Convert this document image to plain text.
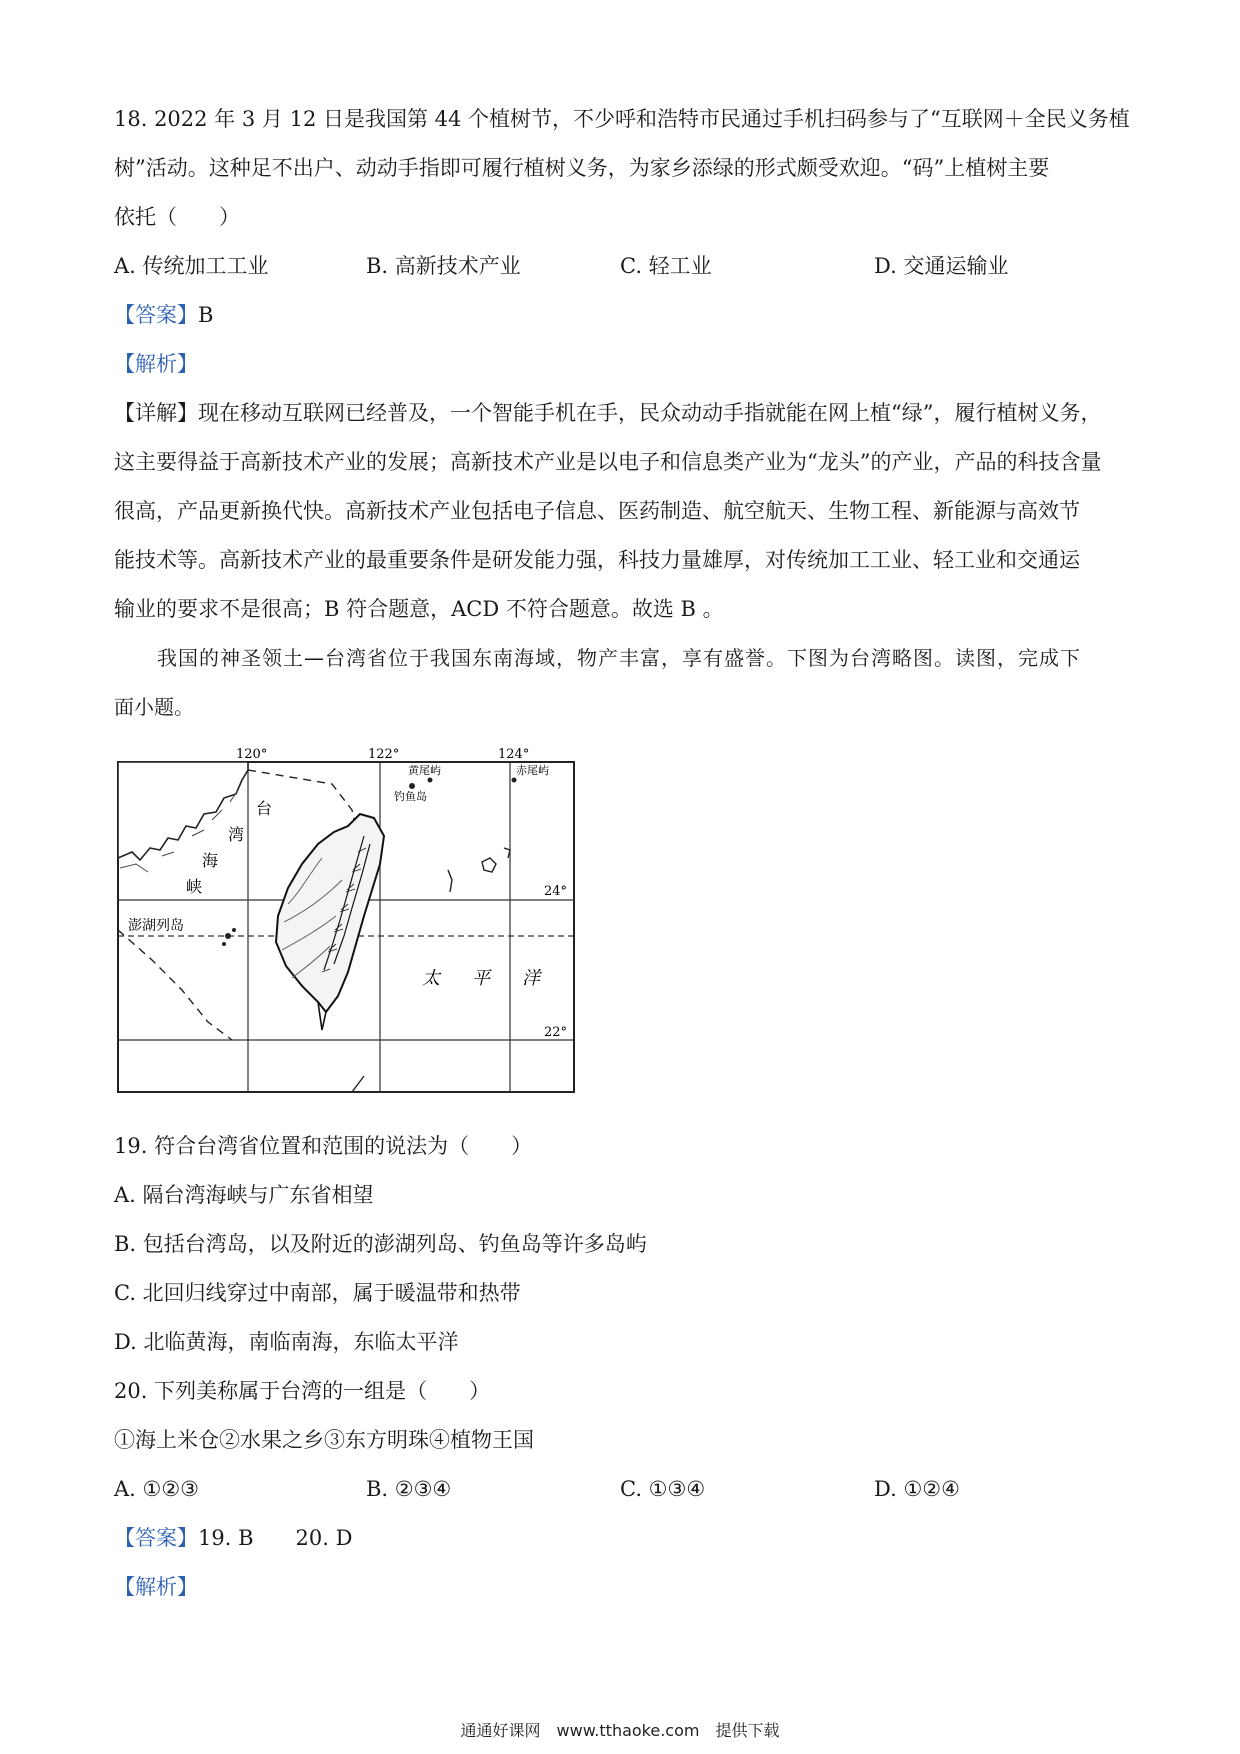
18. 2022 年 3 月 12 日是我国第 44 个植树节，不少呼和浩特市民通过手机扫码参与了“互联网＋全民义务植
树”活动。这种足不出户、动动手指即可履行植树义务，为家乡添绿的形式颇受欢迎。“码”上植树主要
依托（　　）
A. 传统加工工业	B. 高新技术产业	C. 轻工业	D. 交通运输业
【答案】B
【解析】
【详解】现在移动互联网已经普及，一个智能手机在手，民众动动手指就能在网上植“绿”，履行植树义务，
这主要得益于高新技术产业的发展；高新技术产业是以电子和信息类产业为“龙头”的产业，产品的科技含量
很高，产品更新换代快。高新技术产业包括电子信息、医药制造、航空航天、生物工程、新能源与高效节
能技术等。高新技术产业的最重要条件是研发能力强，科技力量雄厚，对传统加工工业、轻工业和交通运
输业的要求不是很高；B 符合题意，ACD 不符合题意。故选 B 。
我国的神圣领土—台湾省位于我国东南海域，物产丰富，享有盛誉。下图为台湾略图。读图，完成下
面小题。
120°	122°	124°
24°
22°
台
湾
海
峡
澎湖列岛
黄尾屿
钓鱼岛
赤尾屿
太 平 洋
19. 符合台湾省位置和范围的说法为（　　）
A. 隔台湾海峡与广东省相望
B. 包括台湾岛，以及附近的澎湖列岛、钓鱼岛等许多岛屿
C. 北回归线穿过中南部，属于暖温带和热带
D. 北临黄海，南临南海，东临太平洋
20. 下列美称属于台湾的一组是（　　）
①海上米仓②水果之乡③东方明珠④植物王国
A. ①②③	B. ②③④	C. ①③④	D. ①②④
【答案】19. B　　20. D
【解析】
通通好课网　www.tthaoke.com　提供下载
